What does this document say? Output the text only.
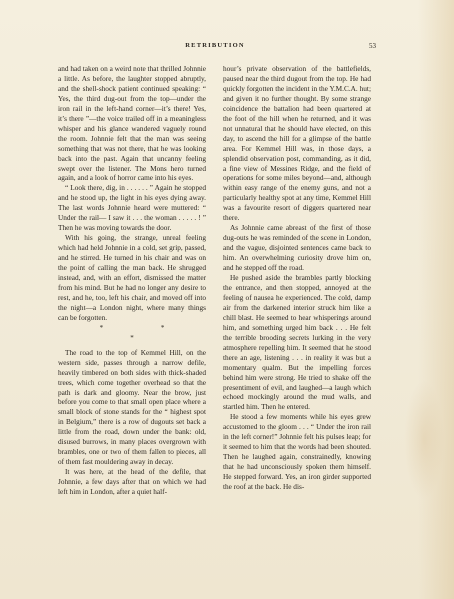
RETRIBUTION	53

and had taken on a weird note that thrilled Johnnie a little. As before, the laughter stopped abruptly, and the shell-shock patient continued speaking: “ Yes, the third dug-out from the top—under the iron rail in the left-hand corner—it’s there! Yes, it’s there ”—the voice trailed off in a meaningless whisper and his glance wandered vaguely round the room. Johnnie felt that the man was seeing something that was not there, that he was looking back into the past. Again that uncanny feeling swept over the listener. The Mons hero turned again, and a look of horror came into his eyes.

“ Look there, dig, in . . . . . . ” Again he stopped and he stood up, the light in his eyes dying away. The last words Johnnie heard were muttered: “ Under the rail— I saw it . . . the woman . . . . . ! ” Then he was moving towards the door.

With his going, the strange, unreal feeling which had held Johnnie in a cold, set grip, passed, and he stirred. He turned in his chair and was on the point of calling the man back. He shrugged instead, and, with an effort, dismissed the matter from his mind. But he had no longer any desire to rest, and he, too, left his chair, and moved off into the night—a London night, where many things can be forgotten.

* * *

The road to the top of Kemmel Hill, on the western side, passes through a narrow defile, heavily timbered on both sides with thick-shaded trees, which come together overhead so that the path is dark and gloomy. Near the brow, just before you come to that small open place where a small block of stone stands for the “ highest spot in Belgium,” there is a row of dugouts set back a little from the road, down under the bank: old, disused burrows, in many places overgrown with brambles, one or two of them fallen to pieces, all of them fast mouldering away in decay.

It was here, at the head of the defile, that Johnnie, a few days after that on which we had left him in London, after a quiet half-

hour’s private observation of the battlefields, paused near the third dugout from the top. He had quickly forgotten the incident in the Y.M.C.A. hut; and given it no further thought. By some strange coincidence the battalion had been quartered at the foot of the hill when he returned, and it was not unnatural that he should have elected, on this day, to ascend the hill for a glimpse of the battle area. For Kemmel Hill was, in those days, a splendid observation post, commanding, as it did, a fine view of Messines Ridge, and the field of operations for some miles beyond—and, although within easy range of the enemy guns, and not a particularly healthy spot at any time, Kemmel Hill was a favourite resort of diggers quartered near there.

As Johnnie came abreast of the first of those dug-outs he was reminded of the scene in London, and the vague, disjointed sentences came back to him. An overwhelming curiosity drove him on, and he stepped off the road.

He pushed aside the brambles partly blocking the entrance, and then stopped, annoyed at the feeling of nausea he experienced. The cold, damp air from the darkened interior struck him like a chill blast. He seemed to hear whisperings around him, and something urged him back . . . He felt the terrible brooding secrets lurking in the very atmosphere repelling him. It seemed that he stood there an age, listening . . . in reality it was but a momentary qualm. But the impelling forces behind him were strong. He tried to shake off the presentiment of evil, and laughed—a laugh which echoed mockingly around the mud walls, and startled him. Then he entered.

He stood a few moments while his eyes grew accustomed to the gloom . . . “ Under the iron rail in the left corner!” Johnnie felt his pulses leap; for it seemed to him that the words had been shouted. Then he laughed again, constrainedly, knowing that he had unconsciously spoken them himself. He stepped forward. Yes, an iron girder supported the roof at the back. He dis-
